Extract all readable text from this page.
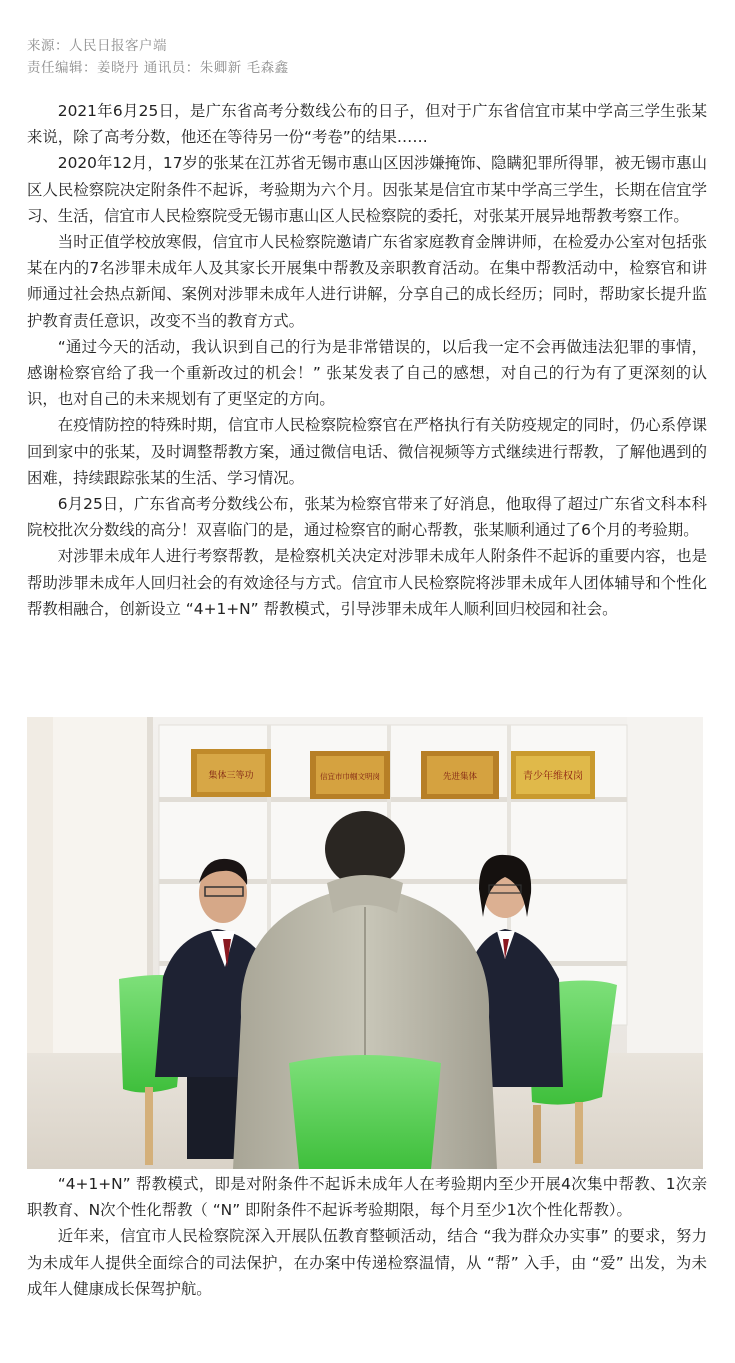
来源：人民日报客户端
责任编辑：姜晓丹 通讯员：朱卿新 毛森鑫

2021年6月25日，是广东省高考分数线公布的日子，但对于广东省信宜市某中学高三学生张某来说，除了高考分数，他还在等待另一份“考卷”的结果……

2020年12月，17岁的张某在江苏省无锡市惠山区因涉嫌掩饰、隐瞒犯罪所得罪，被无锡市惠山区人民检察院决定附条件不起诉，考验期为六个月。因张某是信宜市某中学高三学生，长期在信宜学习、生活，信宜市人民检察院受无锡市惠山区人民检察院的委托，对张某开展异地帮教考察工作。

当时正值学校放寒假，信宜市人民检察院邀请广东省家庭教育金牌讲师，在检爱办公室对包括张某在内的7名涉罪未成年人及其家长开展集中帮教及亲职教育活动。在集中帮教活动中，检察官和讲师通过社会热点新闻、案例对涉罪未成年人进行讲解，分享自己的成长经历；同时，帮助家长提升监护教育责任意识，改变不当的教育方式。

“通过今天的活动，我认识到自己的行为是非常错误的，以后我一定不会再做违法犯罪的事情，感谢检察官给了我一个重新改过的机会！” 张某发表了自己的感想，对自己的行为有了更深刻的认识，也对自己的未来规划有了更坚定的方向。

在疫情防控的特殊时期，信宜市人民检察院检察官在严格执行有关防疫规定的同时，仍心系停课回到家中的张某，及时调整帮教方案，通过微信电话、微信视频等方式继续进行帮教，了解他遇到的困难，持续跟踪张某的生活、学习情况。

6月25日，广东省高考分数线公布，张某为检察官带来了好消息，他取得了超过广东省文科本科院校批次分数线的高分！双喜临门的是，通过检察官的耐心帮教，张某顺利通过了6个月的考验期。

对涉罪未成年人进行考察帮教，是检察机关决定对涉罪未成年人附条件不起诉的重要内容，也是帮助涉罪未成年人回归社会的有效途径与方式。信宜市人民检察院将涉罪未成年人团体辅导和个性化帮教相融合，创新设立 “4+1+N” 帮教模式，引导涉罪未成年人顺利回归校园和社会。

集体三等功	信宜市巾帼文明岗	先进集体	青少年维权岗

“4+1+N” 帮教模式，即是对附条件不起诉未成年人在考验期内至少开展4次集中帮教、1次亲职教育、N次个性化帮教（ “N” 即附条件不起诉考验期限，每个月至少1次个性化帮教）。

近年来，信宜市人民检察院深入开展队伍教育整顿活动，结合 “我为群众办实事” 的要求，努力为未成年人提供全面综合的司法保护，在办案中传递检察温情，从 “帮” 入手，由 “爱” 出发，为未成年人健康成长保驾护航。
